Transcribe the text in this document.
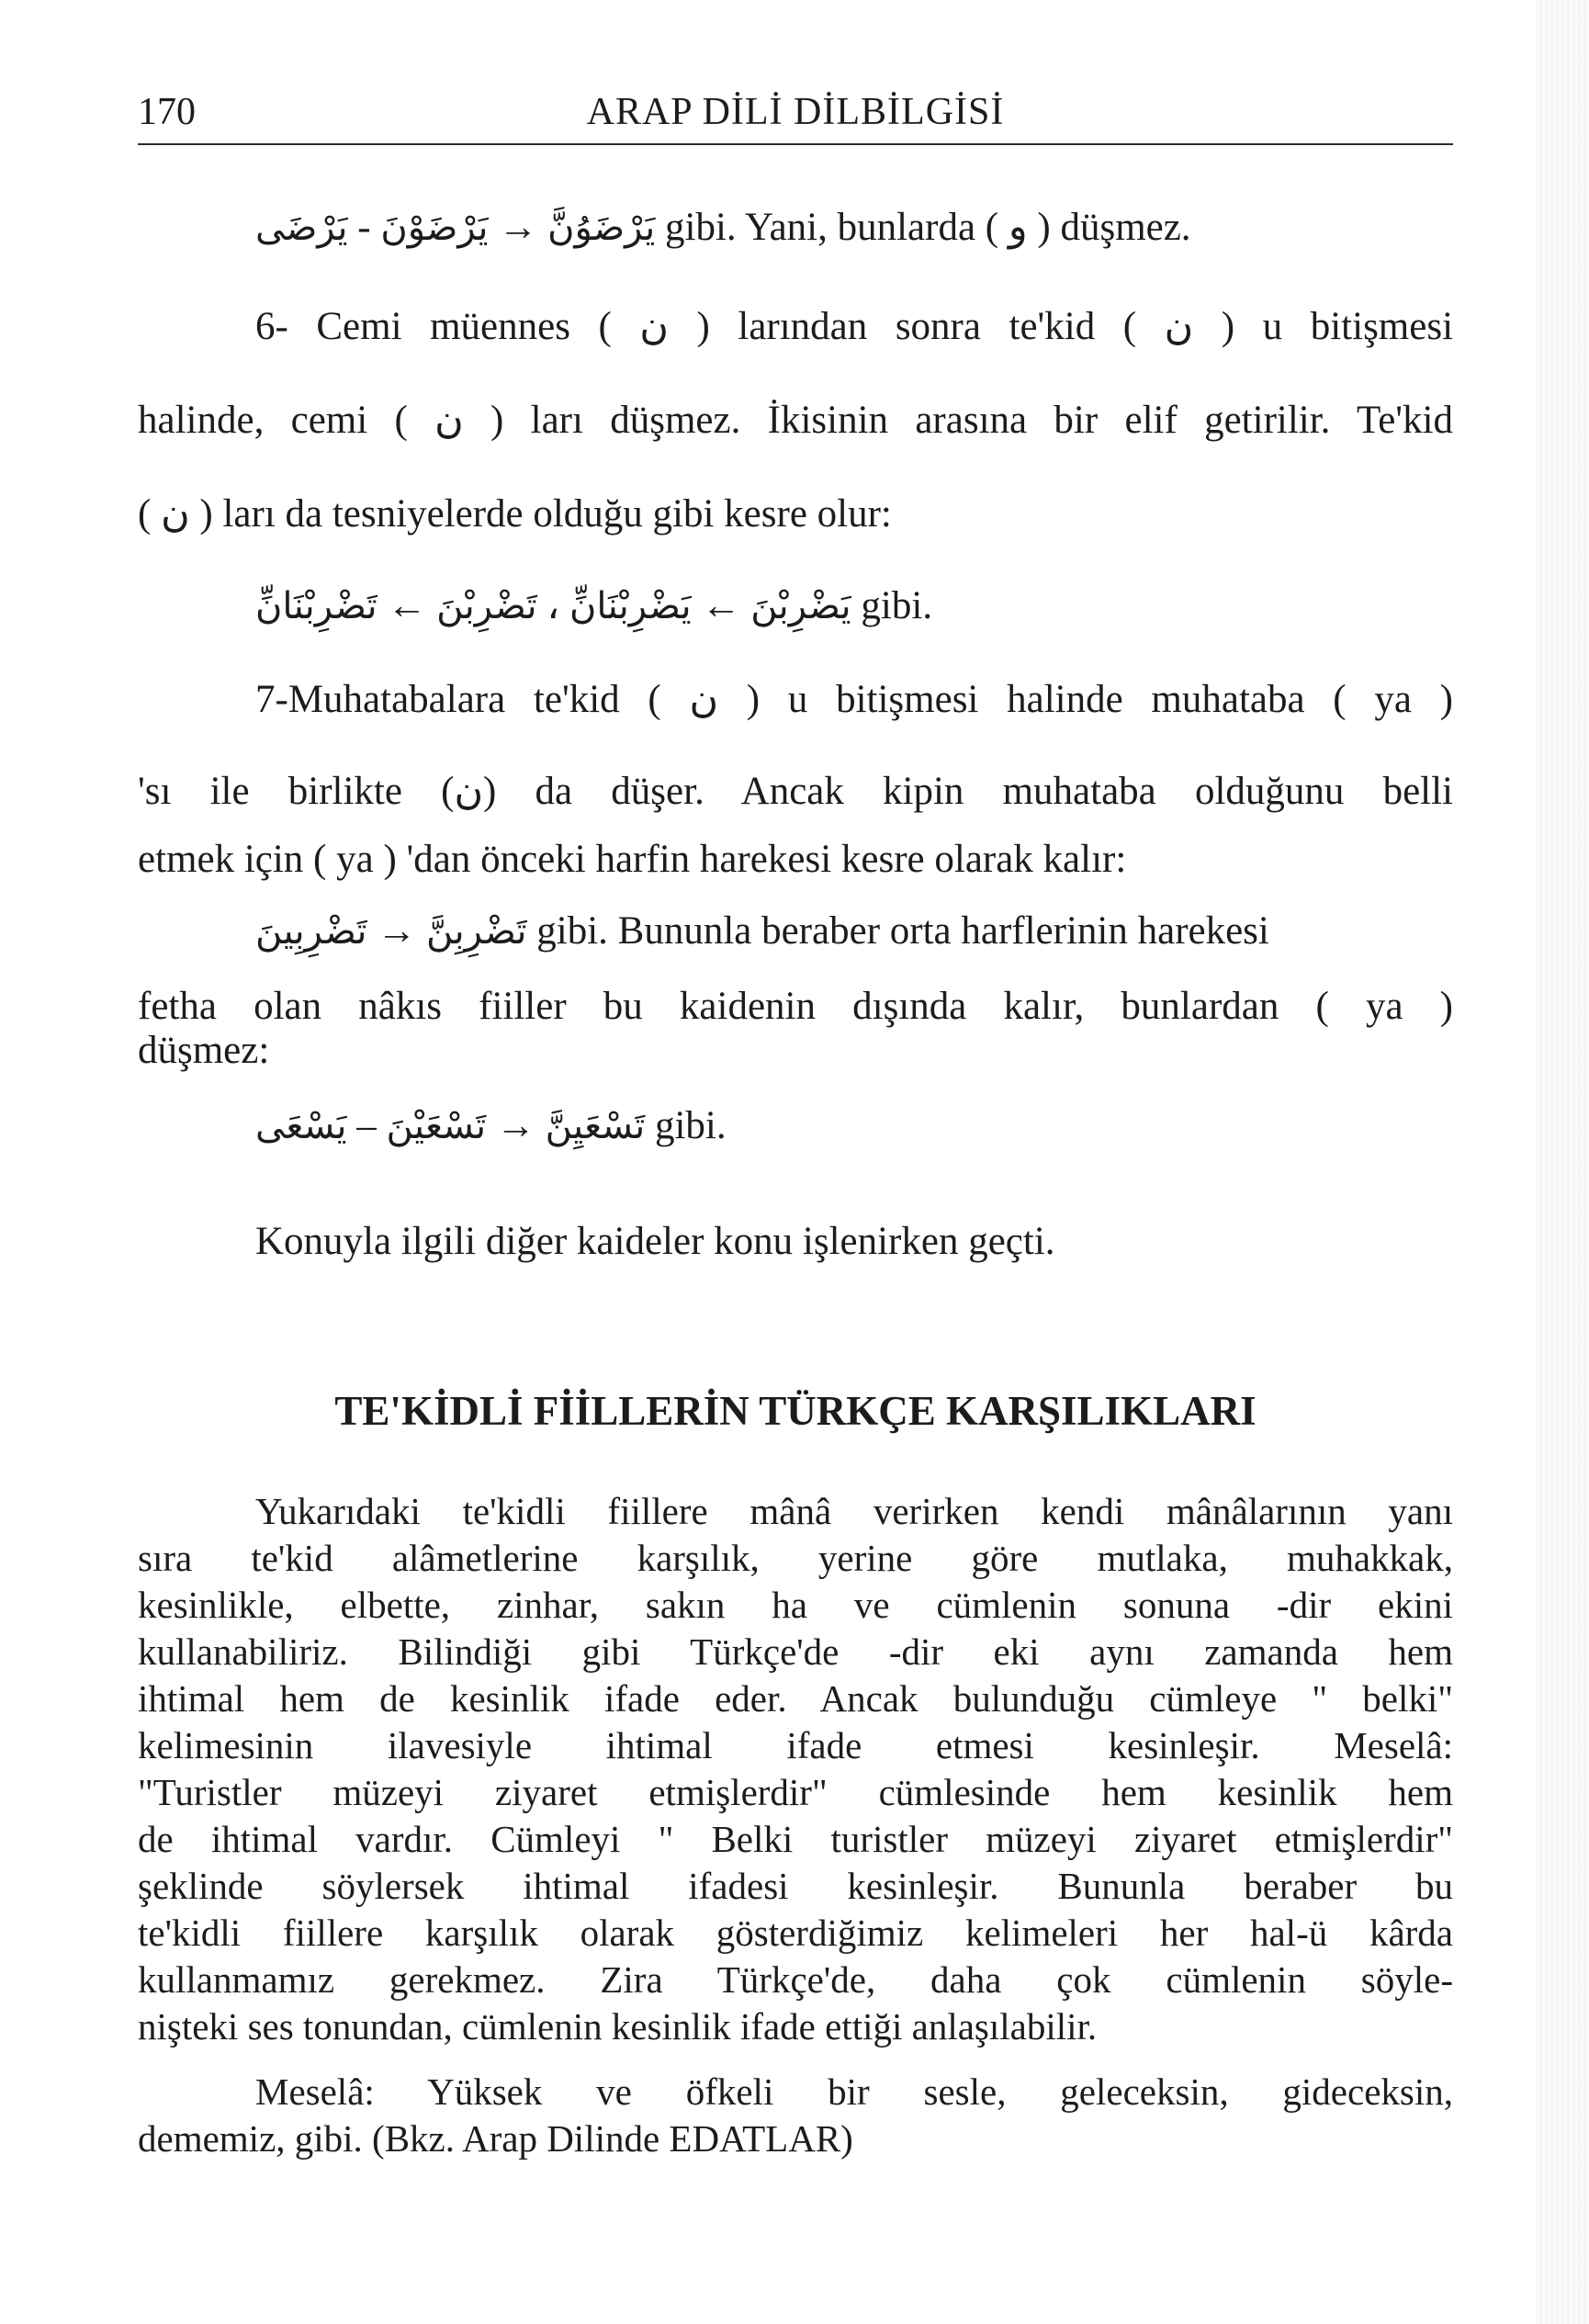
170	ARAP DİLİ DİLBİLGİSİ
يَرْضَى - يَرْضَوْنَ → يَرْضَوُنَّ gibi. Yani, bunlarda ( و ) düşmez.
6- Cemi müennes ( ن ) larından sonra te'kid ( ن ) u bitişmesi
halinde, cemi ( ن ) ları düşmez. İkisinin arasına bir elif getirilir. Te'kid
( ن ) ları da tesniyelerde olduğu gibi kesre olur:
تَضْرِبْنَانِّ ← تَضْرِبْنَ ، يَضْرِبْنَانِّ ← يَضْرِبْنَ gibi.
7-Muhatabalara te'kid ( ن ) u bitişmesi halinde muhataba ( ya )
'sı ile birlikte (ن) da düşer. Ancak kipin muhataba olduğunu belli
etmek için ( ya ) 'dan önceki harfin harekesi kesre olarak kalır:
تَضْرِبِينَ → تَضْرِبِنَّ gibi. Bununla beraber orta harflerinin harekesi
fetha olan nâkıs fiiller bu kaidenin dışında kalır, bunlardan ( ya )
düşmez:
يَسْعَى – تَسْعَيْنَ → تَسْعَيِنَّ gibi.
Konuyla ilgili diğer kaideler konu işlenirken geçti.
TE'KİDLİ FİİLLERİN TÜRKÇE KARŞILIKLARI
Yukarıdaki te'kidli fiillere mânâ verirken kendi mânâlarının yanı
sıra te'kid alâmetlerine karşılık, yerine göre mutlaka, muhakkak,
kesinlikle, elbette, zinhar, sakın ha ve cümlenin sonuna -dir ekini
kullanabiliriz. Bilindiği gibi Türkçe'de -dir eki aynı zamanda hem
ihtimal hem de kesinlik ifade eder. Ancak bulunduğu cümleye " belki"
kelimesinin ilavesiyle ihtimal ifade etmesi kesinleşir. Meselâ:
"Turistler müzeyi ziyaret etmişlerdir" cümlesinde hem kesinlik hem
de ihtimal vardır. Cümleyi " Belki turistler müzeyi ziyaret etmişlerdir"
şeklinde söylersek ihtimal ifadesi kesinleşir. Bununla beraber bu
te'kidli fiillere karşılık olarak gösterdiğimiz kelimeleri her hal-ü kârda
kullanmamız gerekmez. Zira Türkçe'de, daha çok cümlenin söyle-
nişteki ses tonundan, cümlenin kesinlik ifade ettiği anlaşılabilir.
Meselâ: Yüksek ve öfkeli bir sesle, geleceksin, gideceksin,
dememiz, gibi. (Bkz. Arap Dilinde EDATLAR)
